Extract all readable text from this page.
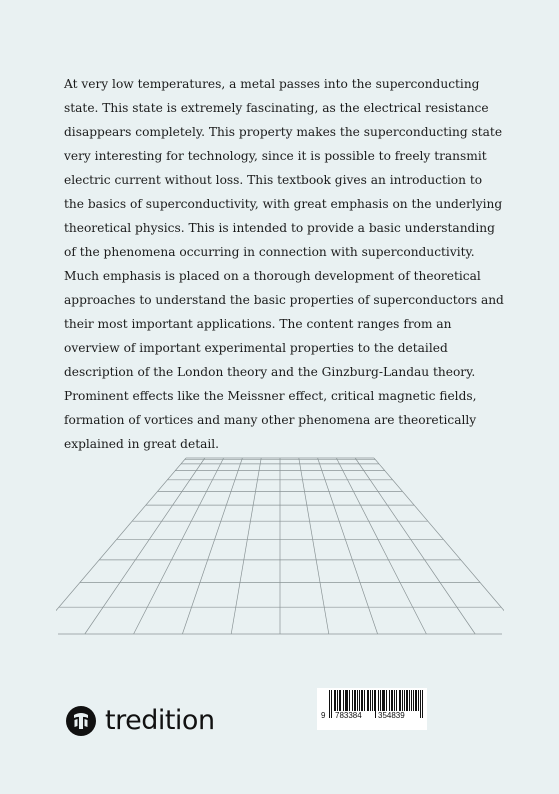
At very low temperatures, a metal passes into the superconducting state. This state is extremely fascinating, as the electrical resistance disappears completely. This property makes the superconducting state very interesting for technology, since it is possible to freely transmit electric current without loss. This textbook gives an introduction to the basics of superconductivity, with great emphasis on the underlying theoretical physics. This is intended to provide a basic understanding of the phenomena occurring in connection with superconductivity. Much emphasis is placed on a thorough development of theoretical approaches to understand the basic properties of superconductors and their most important applications. The content ranges from an overview of important experimental properties to the detailed description of the London theory and the Ginzburg-Landau theory. Prominent effects like the Meissner effect, critical magnetic fields, formation of vortices and many other phenomena are theoretically explained in great detail.

9 783384 354839
tredition
